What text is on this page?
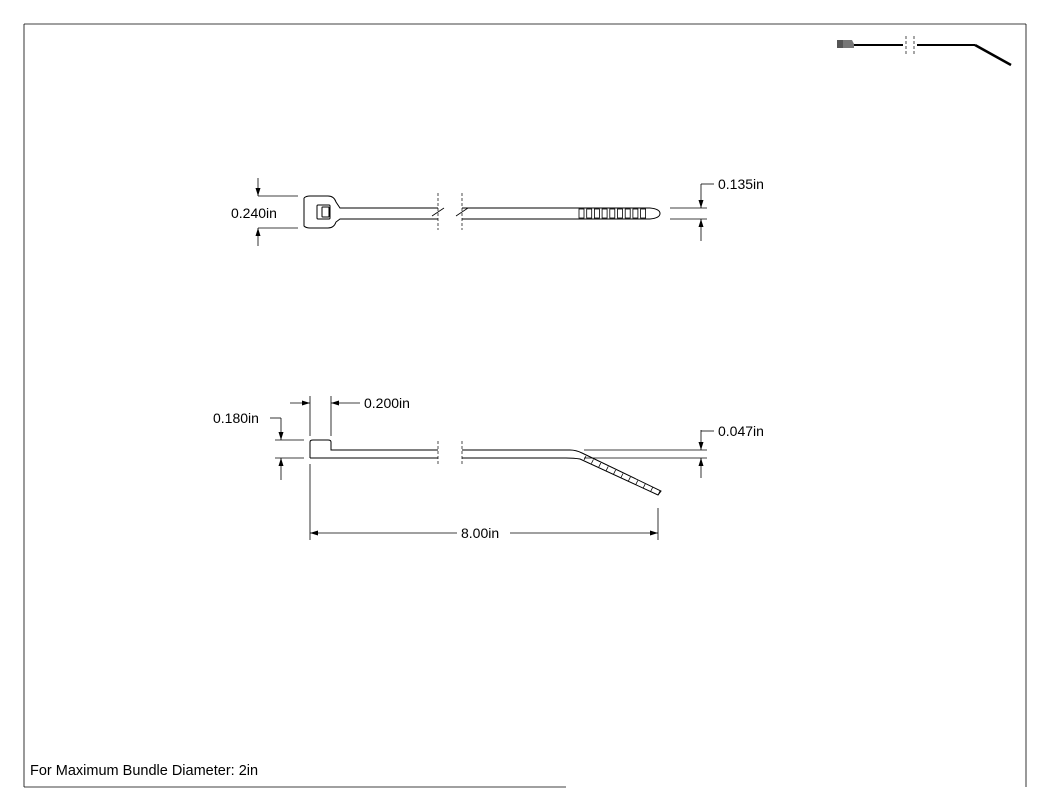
0.240in
0.135in
0.200in
0.180in
0.047in
8.00in
For Maximum Bundle Diameter: 2in
